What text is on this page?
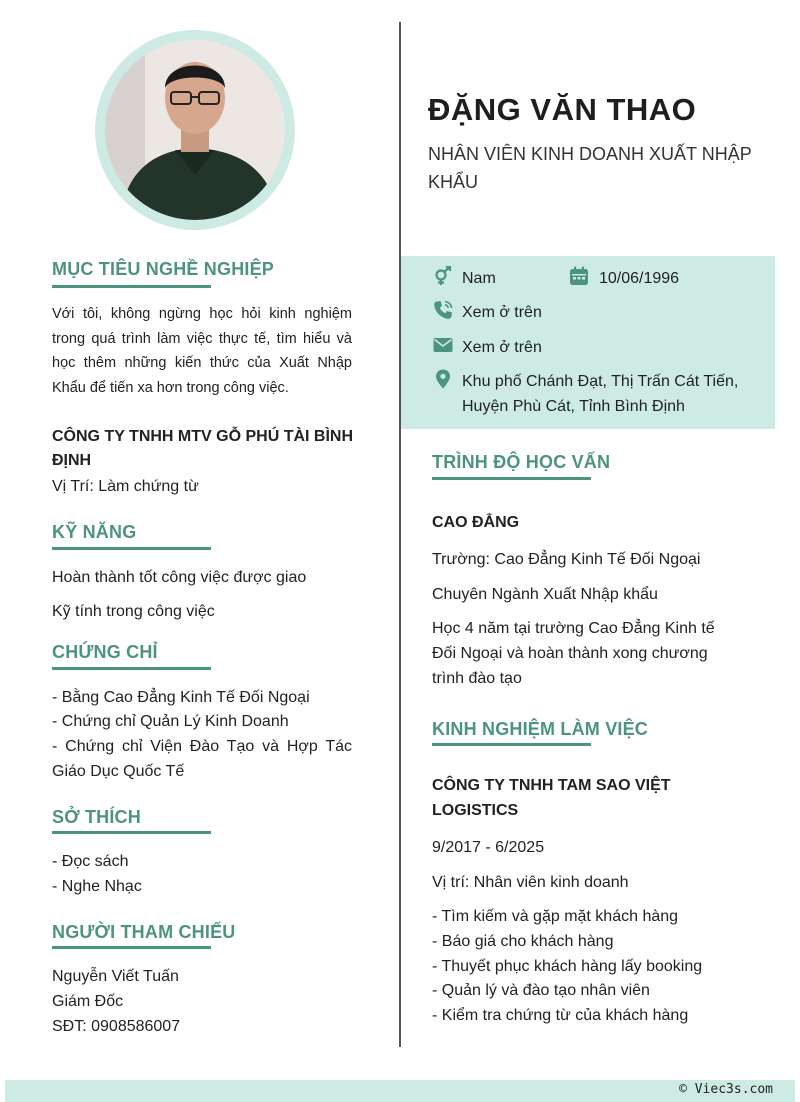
MỤC TIÊU NGHỀ NGHIỆP
Với tôi, không ngừng học hỏi kinh nghiệm trong quá trình làm việc thực tế, tìm hiểu và học thêm những kiến thức của Xuất Nhập Khẩu để tiến xa hơn trong công việc.
CÔNG TY TNHH MTV GỖ PHÚ TÀI BÌNH ĐỊNH
Vị Trí: Làm chứng từ
KỸ NĂNG
Hoàn thành tốt công việc được giao
Kỹ tính trong công việc
CHỨNG CHỈ
- Bằng Cao Đẳng Kinh Tế Đối Ngoại
- Chứng chỉ Quản Lý Kinh Doanh
- Chứng chỉ Viện Đào Tạo và Hợp Tác Giáo Dục Quốc Tế
SỞ THÍCH
- Đọc sách
- Nghe Nhạc
NGƯỜI THAM CHIẾU
Nguyễn Viết Tuấn
Giám Đốc
SĐT: 0908586007
ĐẶNG VĂN THAO
NHÂN VIÊN KINH DOANH XUẤT NHẬP KHẨU
Nam	10/06/1996
Xem ở trên
Xem ở trên
Khu phố Chánh Đạt, Thị Trấn Cát Tiến, Huyện Phù Cát, Tỉnh Bình Định
TRÌNH ĐỘ HỌC VẤN
CAO ĐẲNG
Trường: Cao Đẳng Kinh Tế Đối Ngoại
Chuyên Ngành Xuất Nhập khẩu
Học 4 năm tại trường Cao Đẳng Kinh tế Đối Ngoại và hoàn thành xong chương trình đào tạo
KINH NGHIỆM LÀM VIỆC
CÔNG TY TNHH TAM SAO VIỆT LOGISTICS
9/2017 - 6/2025
Vị trí: Nhân viên kinh doanh
- Tìm kiếm và gặp mặt khách hàng
- Báo giá cho khách hàng
- Thuyết phục khách hàng lấy booking
- Quản lý và đào tạo nhân viên
- Kiểm tra chứng từ của khách hàng
© Viec3s.com
